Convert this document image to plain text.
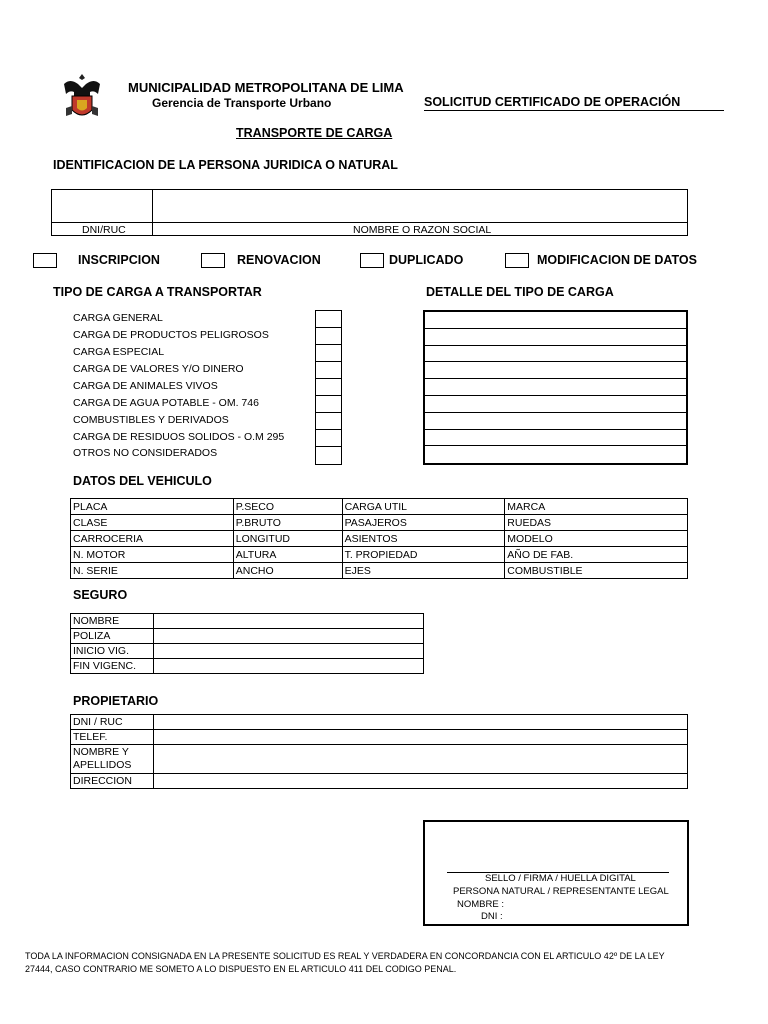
MUNICIPALIDAD METROPOLITANA DE LIMA
Gerencia de Transporte Urbano	SOLICITUD CERTIFICADO DE OPERACIÓN
TRANSPORTE DE CARGA
IDENTIFICACION DE LA PERSONA JURIDICA O NATURAL
DNI/RUC	NOMBRE O RAZON SOCIAL
INSCRIPCION	RENOVACION	DUPLICADO	MODIFICACION DE DATOS
TIPO DE CARGA A TRANSPORTAR	DETALLE DEL TIPO DE CARGA
CARGA GENERAL
CARGA DE PRODUCTOS PELIGROSOS
CARGA ESPECIAL
CARGA DE VALORES Y/O DINERO
CARGA DE ANIMALES VIVOS
CARGA DE AGUA POTABLE - OM. 746
COMBUSTIBLES Y DERIVADOS
CARGA DE RESIDUOS SOLIDOS - O.M 295
OTROS NO CONSIDERADOS
DATOS DEL VEHICULO
PLACA	P.SECO	CARGA UTIL	MARCA
CLASE	P.BRUTO	PASAJEROS	RUEDAS
CARROCERIA	LONGITUD	ASIENTOS	MODELO
N. MOTOR	ALTURA	T. PROPIEDAD	AÑO DE FAB.
N. SERIE	ANCHO	EJES	COMBUSTIBLE
SEGURO
NOMBRE	
POLIZA	
INICIO VIG.	
FIN VIGENC.	
PROPIETARIO
DNI / RUC	
TELEF.	
NOMBRE Y APELLIDOS	
DIRECCION	
SELLO / FIRMA / HUELLA DIGITAL
PERSONA NATURAL / REPRESENTANTE LEGAL
NOMBRE :
DNI :
TODA LA INFORMACION CONSIGNADA EN LA PRESENTE SOLICITUD ES REAL Y VERDADERA EN CONCORDANCIA CON EL ARTICULO 42º DE LA LEY
27444, CASO CONTRARIO ME SOMETO A LO DISPUESTO EN EL ARTICULO 411 DEL CODIGO PENAL.
